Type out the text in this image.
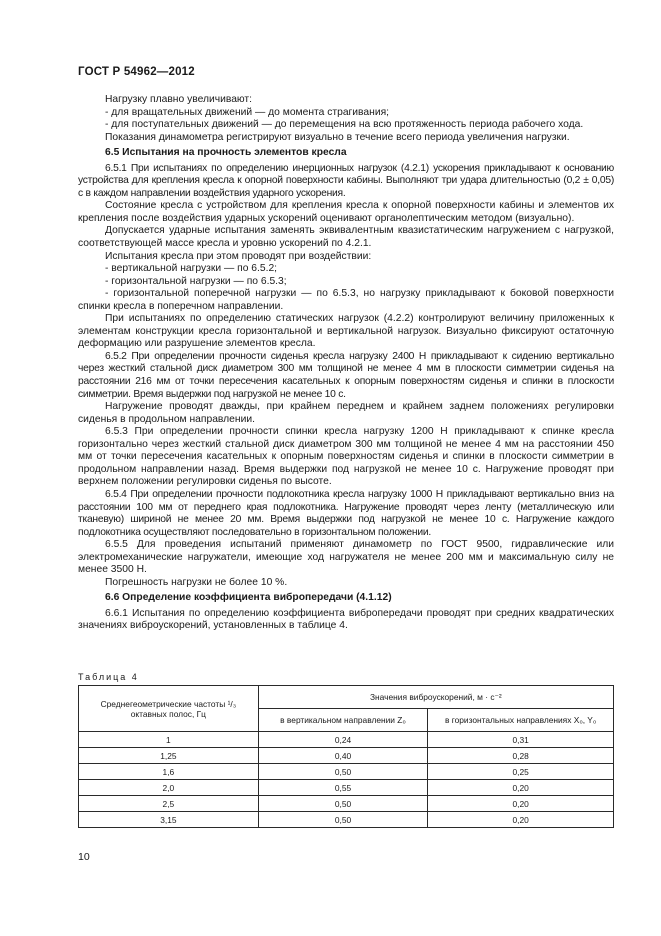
ГОСТ Р 54962—2012

Нагрузку плавно увеличивают:

- для вращательных движений — до момента страгивания;

- для поступательных движений — до перемещения на всю протяженность периода рабочего хода.

Показания динамометра регистрируют визуально в течение всего периода увеличения нагрузки.

6.5 Испытания на прочность элементов кресла

6.5.1 При испытаниях по определению инерционных нагрузок (4.2.1) ускорения прикладывают к основанию устройства для крепления кресла к опорной поверхности кабины. Выполняют три удара длительностью (0,2 ± 0,05) с в каждом направлении воздействия ударного ускорения.

Состояние кресла с устройством для крепления кресла к опорной поверхности кабины и элементов их крепления после воздействия ударных ускорений оценивают органолептическим методом (визуально).

Допускается ударные испытания заменять эквивалентным квазистатическим нагружением с нагрузкой, соответствующей массе кресла и уровню ускорений по 4.2.1.

Испытания кресла при этом проводят при воздействии:

- вертикальной нагрузки — по 6.5.2;

- горизонтальной нагрузки — по 6.5.3;

- горизонтальной поперечной нагрузки — по 6.5.3, но нагрузку прикладывают к боковой поверхности спинки кресла в поперечном направлении.

При испытаниях по определению статических нагрузок (4.2.2) контролируют величину приложенных к элементам конструкции кресла горизонтальной и вертикальной нагрузок. Визуально фиксируют остаточную деформацию или разрушение элементов кресла.

6.5.2 При определении прочности сиденья кресла нагрузку 2400 Н прикладывают к сидению вертикально через жесткий стальной диск диаметром 300 мм толщиной не менее 4 мм в плоскости симметрии сиденья на расстоянии 216 мм от точки пересечения касательных к опорным поверхностям сиденья и спинки в плоскости симметрии. Время выдержки под нагрузкой не менее 10 с.

Нагружение проводят дважды, при крайнем переднем и крайнем заднем положениях регулировки сиденья в продольном направлении.

6.5.3 При определении прочности спинки кресла нагрузку 1200 Н прикладывают к спинке кресла горизонтально через жесткий стальной диск диаметром 300 мм толщиной не менее 4 мм на расстоянии 450 мм от точки пересечения касательных к опорным поверхностям сиденья и спинки в плоскости симметрии в продольном направлении назад. Время выдержки под нагрузкой не менее 10 с. Нагружение проводят при верхнем положении регулировки сиденья по высоте.

6.5.4 При определении прочности подлокотника кресла нагрузку 1000 Н прикладывают вертикально вниз на расстоянии 100 мм от переднего края подлокотника. Нагружение проводят через ленту (металлическую или тканевую) шириной не менее 20 мм. Время выдержки под нагрузкой не менее 10 с. Нагружение каждого подлокотника осуществляют последовательно в горизонтальном положении.

6.5.5 Для проведения испытаний применяют динамометр по ГОСТ 9500, гидравлические или электромеханические нагружатели, имеющие ход нагружателя не менее 200 мм и максимальную силу не менее 3500 Н.

Погрешность нагрузки не более 10 %.

6.6 Определение коэффициента вибропередачи (4.1.12)

6.6.1 Испытания по определению коэффициента вибропередачи проводят при средних квадратических значениях виброускорений, установленных в таблице 4.

Таблица 4
Среднегеометрические частоты ¹/₃ октавных полос, Гц	Значения виброускорений, м · с⁻²	
	в вертикальном направлении Z₀	в горизонтальных направлениях X₀, Y₀
1	0,24	0,31
1,25	0,40	0,28
1,6	0,50	0,25
2,0	0,55	0,20
2,5	0,50	0,20
3,15	0,50	0,20
10
